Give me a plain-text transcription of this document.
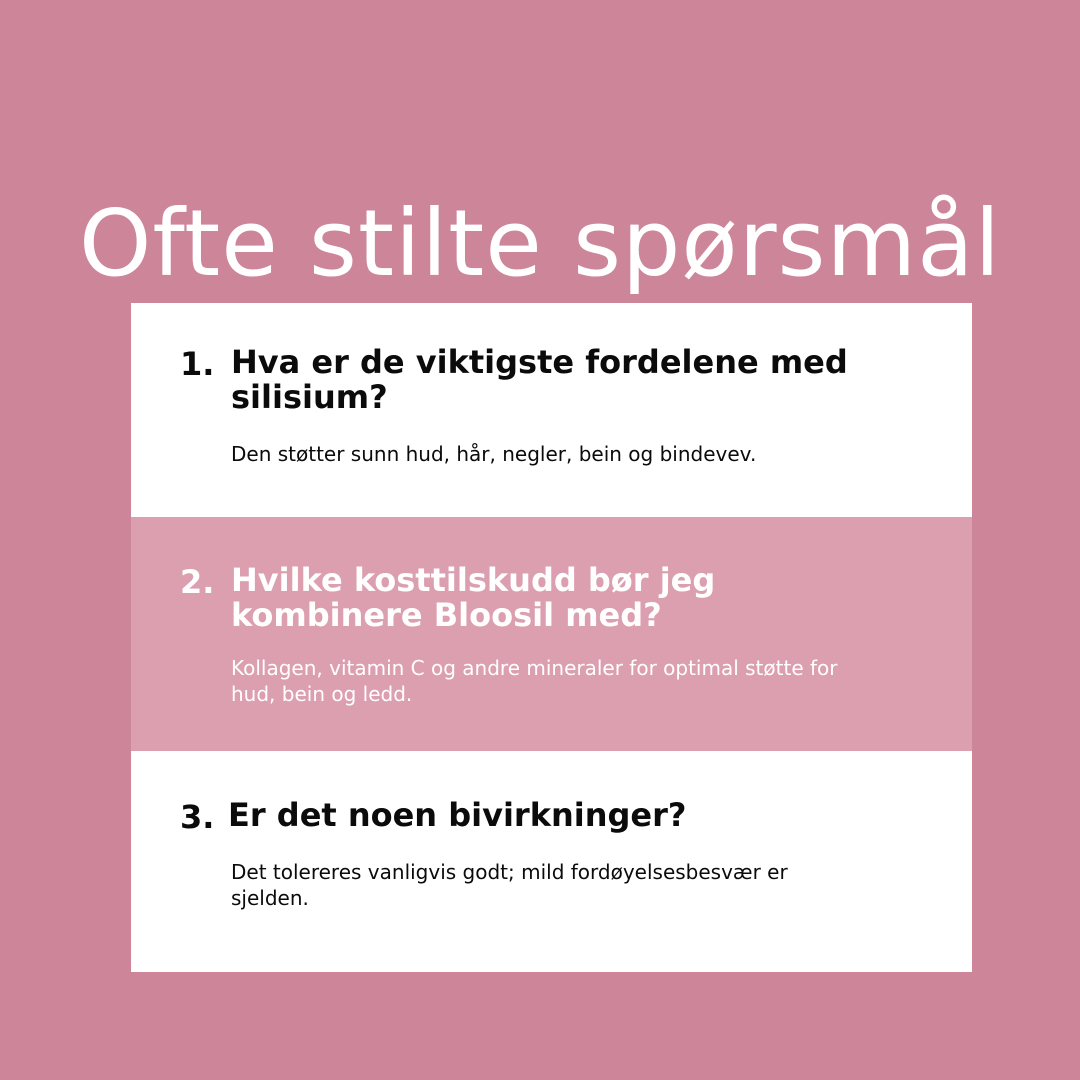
Ofte stilte spørsmål
1. Hva er de viktigste fordelene med silisium?
Den støtter sunn hud, hår, negler, bein og bindevev.
2. Hvilke kosttilskudd bør jeg kombinere Bloosil med?
Kollagen, vitamin C og andre mineraler for optimal støtte for hud, bein og ledd.
3. Er det noen bivirkninger?
Det tolereres vanligvis godt; mild fordøyelsesbesvær er sjelden.
